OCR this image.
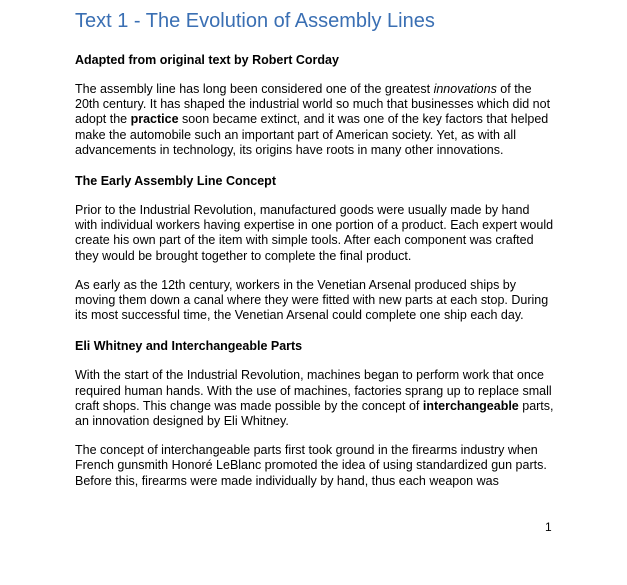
Text 1 - The Evolution of Assembly Lines
Adapted from original text by Robert Corday

The assembly line has long been considered one of the greatest innovations of the 20th century. It has shaped the industrial world so much that businesses which did not adopt the practice soon became extinct, and it was one of the key factors that helped make the automobile such an important part of American society. Yet, as with all advancements in technology, its origins have roots in many other innovations.

The Early Assembly Line Concept

Prior to the Industrial Revolution, manufactured goods were usually made by hand with individual workers having expertise in one portion of a product. Each expert would create his own part of the item with simple tools. After each component was crafted they would be brought together to complete the final product.

As early as the 12th century, workers in the Venetian Arsenal produced ships by moving them down a canal where they were fitted with new parts at each stop. During its most successful time, the Venetian Arsenal could complete one ship each day.

Eli Whitney and Interchangeable Parts

With the start of the Industrial Revolution, machines began to perform work that once required human hands. With the use of machines, factories sprang up to replace small craft shops. This change was made possible by the concept of interchangeable parts, an innovation designed by Eli Whitney.

The concept of interchangeable parts first took ground in the firearms industry when French gunsmith Honoré LeBlanc promoted the idea of using standardized gun parts. Before this, firearms were made individually by hand, thus each weapon was

1
